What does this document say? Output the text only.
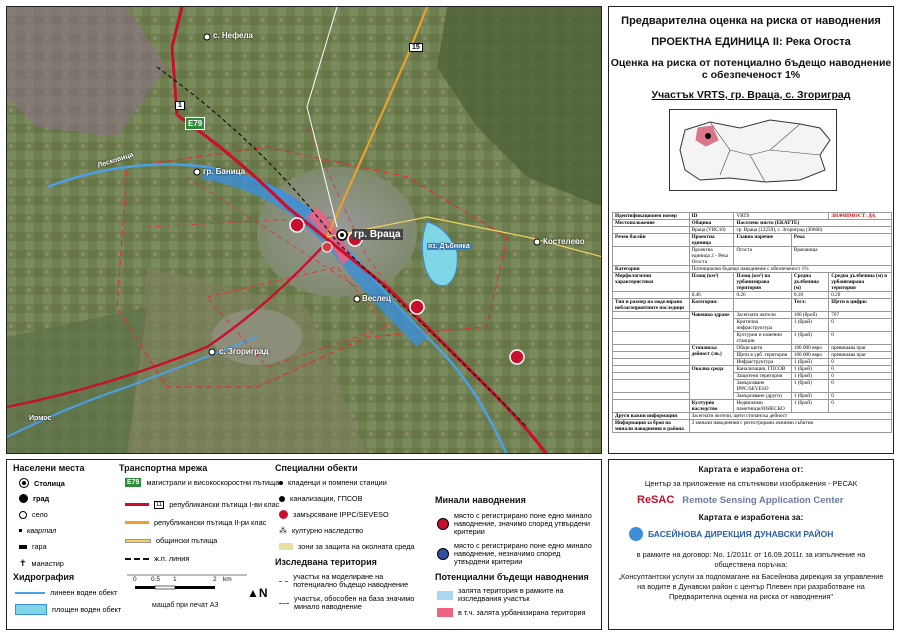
E79
15
1
гр. Враца
с. Нефела
гр. Баница
Костелево
Веслец
с. Згориград
яз. Дъбника
Лесковица
Ирмос
Предварителна оценка на риска от наводнения
ПРОЕКТНА ЕДИНИЦА II: Река Огоста
Оценка на риска от потенциално бъдещо наводнение с обезпеченост 1%
Участък VRTS, гр. Враца, с. Згориград
Идентификационен номер	ID	VRTS		ЗНАЧИМОСТ: ДА
Местоположение	Община	Населено място (ЕКАТТЕ)		
	Враца (VRC10)	гр. Враца (12259), с. Згориград (30606)		
Речен басейн	Проектна единица	Главно поречие	Река	
	Проектна единица 2 - Река Огоста	Огоста	Врачаница	
Категория	Потенциално бъдещо наводнение с обезпеченост 1%			
Морфологични характеристики	Площ (км²)	Площ (км²) на урбанизирана територия	Средна дълбочина (м)	Средна дълбочина (м) в урбанизирана територия
	0.46	0.26	0.18	0.20
Тип и размер на моделирано неблагоприятните последици	Категория:		Тегл:	Щети в цифри:
	Човешко здраве	Засегнати жители	100 (брой)	707
		Критична инфраструктура	1 (брой)	0
		Културни и поменни станции	1 (брой)	0
	Стопанска дейност (лв.)	Общи щети	100 000 евро	превишава праг
		Щети в урб. територии	100 000 евро	превишава праг
		Инфраструктура	1 (брой)	0
	Околна среда	Канализации, ГПСОВ	1 (брой)	0
		Защитени територии	1 (брой)	0
		Замърсяване IPPC/SEVESO	1 (брой)	0
		Замърсяване (други)	1 (брой)	0
	Културно наследство	Недвижими паметници/ЮНЕСКО	1 (брой)	0
Други важни информации	Засегнати жители, щети стопанска дейност			
Информация за броя на минали наводнения в района	3 минали наводнения с регистрирани значими събития			
Населени места
Столица
град
село
квартал
гара
✝ манастир
Хидрография
линеен воден обект
площен воден обект
Транспортна мрежа
E79 магистрали и високоскоростни пътища
11 републикански пътища I-ви клас
републикански пътища II-ри клас
общински пътища
ж.п. линия
0 0.5 1	2 km
мащаб при печат A3
▲N
Специални обекти
кладенци и помпени станции
канализации, ГПСОВ
замърсяване IPPC/SEVESO
⁂ културно наследство
зони за защита на околната среда
Изследвана територия
участък на моделиране на потенциално бъдещо наводнение
участък, обособен на база значимо минало наводнение
Минали наводнения
място с регистрирано поне едно минало наводнение, значимо според утвърдени критерии
място с регистрирано поне едно минало наводнение, незначимо според утвърдени критерии
Потенциални бъдещи наводнения
залята територия в рамките на изследвания участък
в т.ч. залята урбанизирана територия
Картата е изработена от:
Център за приложение на спътникови изображения - РЕСАК
ReSAC Remote Sensing Application Center
Картата е изработена за:
БАСЕЙНОВА ДИРЕКЦИЯ ДУНАВСКИ РАЙОН
в рамките на договор: No. 1/2011г. от 16.09.2011г. за изпълнение на обществена поръчка:
„Консултантски услуги за подпомагане на Басейнова дирекция за управление на водите в Дунавски район с център Плевен при разработване на Предварителна оценка на риска от наводнения"
